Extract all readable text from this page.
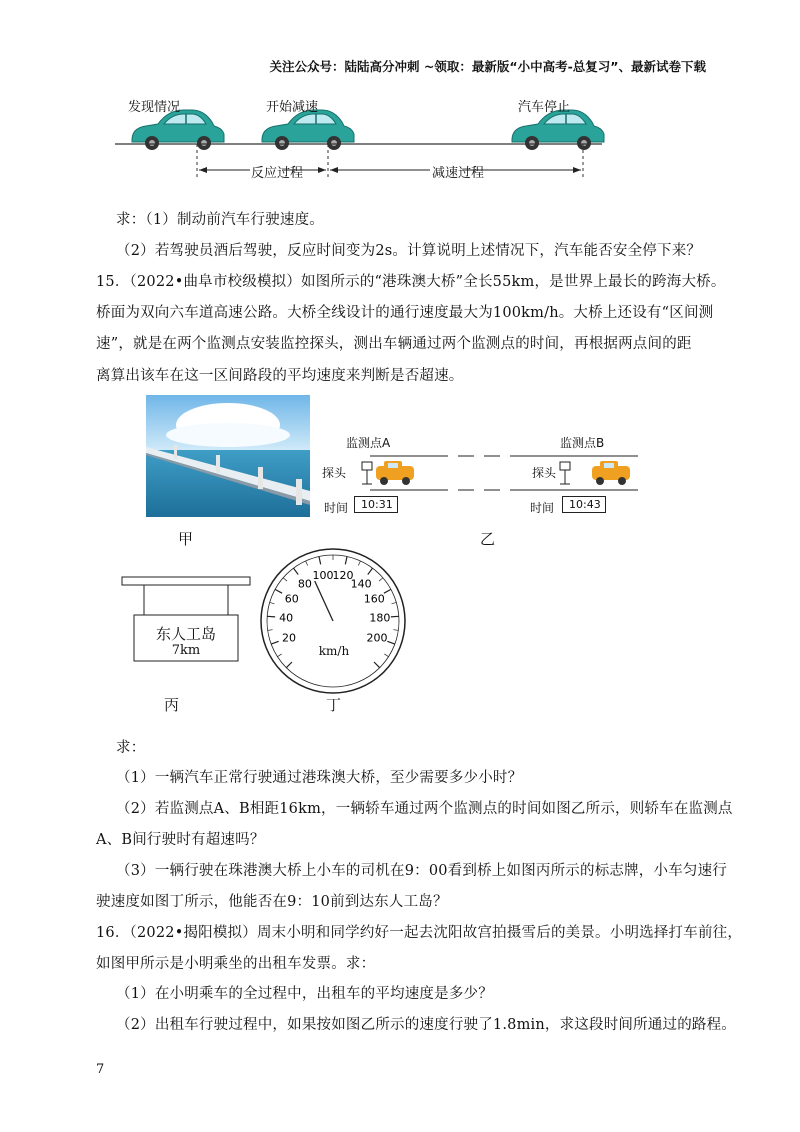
关注公众号：陆陆高分冲刺 ~领取：最新版“小中高考-总复习”、最新试卷下载
发现情况	开始减速	汽车停止
反应过程	减速过程
求：（1）制动前汽车行驶速度。
（2）若驾驶员酒后驾驶，反应时间变为2s。计算说明上述情况下，汽车能否安全停下来？
15．（2022•曲阜市校级模拟）如图所示的“港珠澳大桥”全长55km，是世界上最长的跨海大桥。
桥面为双向六车道高速公路。大桥全线设计的通行速度最大为100km/h。大桥上还设有“区间测
速”，就是在两个监测点安装监控探头，测出车辆通过两个监测点的时间，再根据两点间的距
离算出该车在这一区间路段的平均速度来判断是否超速。
甲
监测点A	监测点B
探头	探头
时间	10:31	时间	10:43
乙
东人工岛
7km
丙
20
40
60
80
100
120
140
160
180
200
km/h
丁
求：
（1）一辆汽车正常行驶通过港珠澳大桥，至少需要多少小时？
（2）若监测点A、B相距16km，一辆轿车通过两个监测点的时间如图乙所示，则轿车在监测点
A、B间行驶时有超速吗？
（3）一辆行驶在珠港澳大桥上小车的司机在9：00看到桥上如图丙所示的标志牌，小车匀速行
驶速度如图丁所示，他能否在9：10前到达东人工岛？
16．（2022•揭阳模拟）周末小明和同学约好一起去沈阳故宫拍摄雪后的美景。小明选择打车前往，
如图甲所示是小明乘坐的出租车发票。求：
（1）在小明乘车的全过程中，出租车的平均速度是多少？
（2）出租车行驶过程中，如果按如图乙所示的速度行驶了1.8min，求这段时间所通过的路程。
7
